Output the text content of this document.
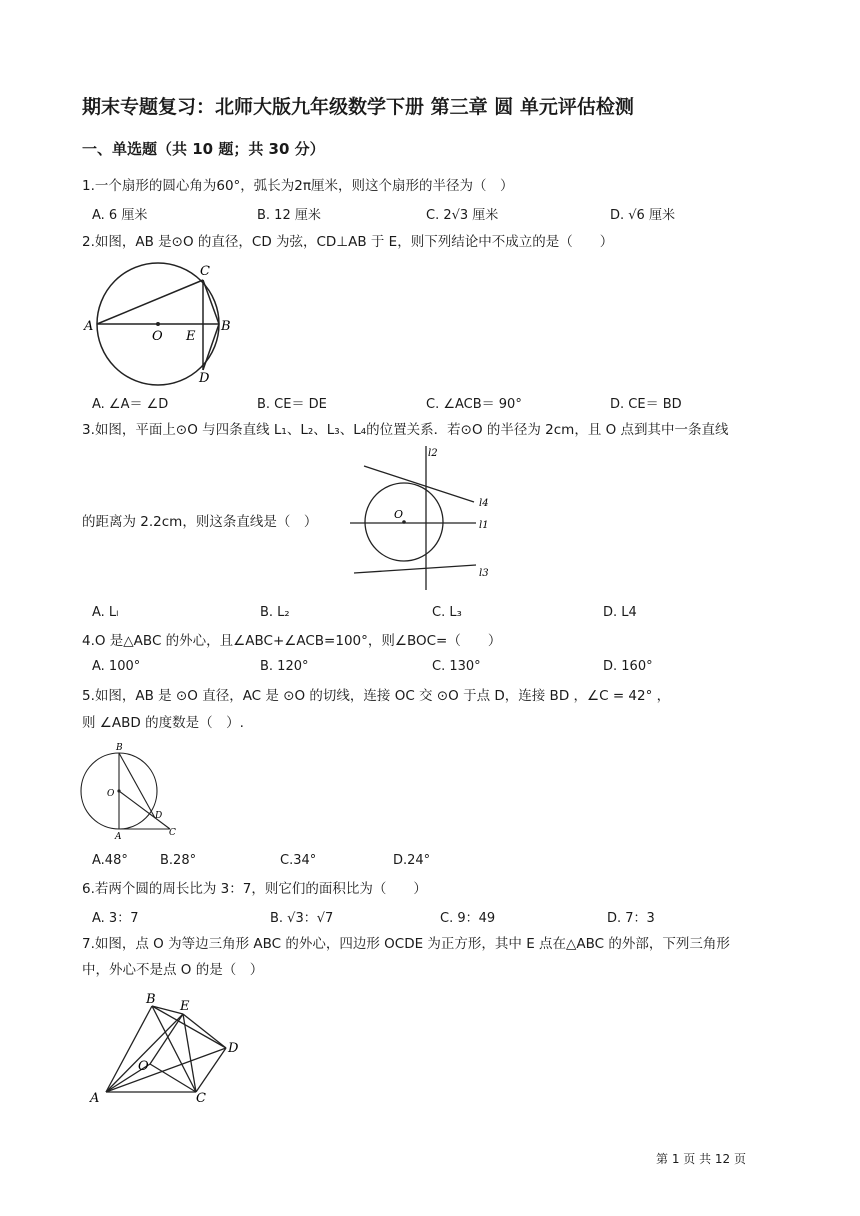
期末专题复习：北师大版九年级数学下册 第三章 圆 单元评估检测
一、单选题（共 10 题；共 30 分）
1.一个扇形的圆心角为60°，弧长为2π厘米，则这个扇形的半径为（　）
A. 6 厘米	B. 12 厘米	C. 2√3 厘米	D. √6 厘米
2.如图，AB 是⊙O 的直径，CD 为弦，CD⊥AB 于 E，则下列结论中不成立的是（　　）
A
O E
B
C
D
A. ∠A＝ ∠D	B. CE＝ DE	C. ∠ACB＝ 90°	D. CE＝ BD
3.如图，平面上⊙O 与四条直线 L₁、L₂、L₃、L₄的位置关系．若⊙O 的半径为 2cm，且 O 点到其中一条直线
l2
l4
l1
l3
O
的距离为 2.2cm，则这条直线是（　）
A. Lₗ	B. L₂	C. L₃	D. L4
4.O 是△ABC 的外心，且∠ABC+∠ACB=100°，则∠BOC=（　　）
A. 100°	B. 120°	C. 130°	D. 160°
5.如图，AB 是 ⊙O 直径，AC 是 ⊙O 的切线，连接 OC 交 ⊙O 于点 D，连接 BD ，∠C = 42° ，
则 ∠ABD 的度数是（　）.
B
O
D
A	C
A.48° B.28°	C.34°	D.24°
6.若两个圆的周长比为 3：7，则它们的面积比为（　　）
A. 3：7	B. √3：√7	C. 9：49	D. 7：3
7.如图，点 O 为等边三角形 ABC 的外心，四边形 OCDE 为正方形，其中 E 点在△ABC 的外部，下列三角形
中，外心不是点 O 的是（　）
B E
D
O
A	C
第 1 页 共 12 页
